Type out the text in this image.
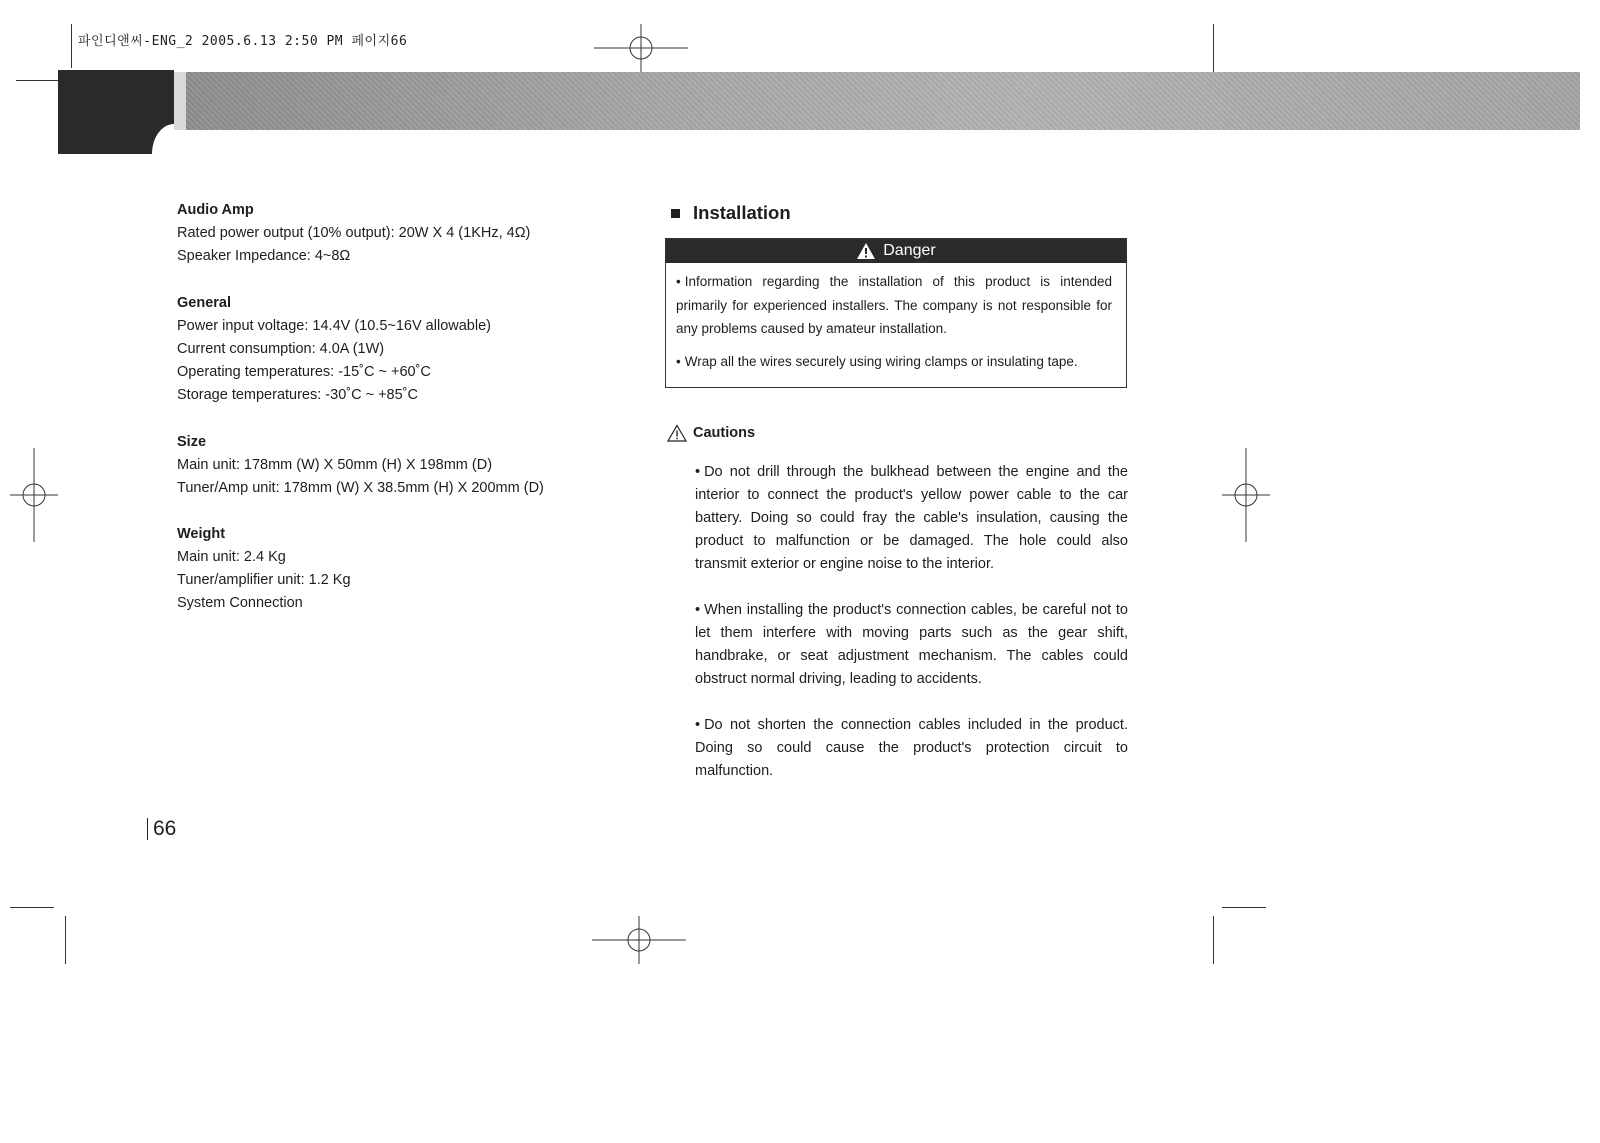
파인디앤씨-ENG_2 2005.6.13 2:50 PM 페이지66
Audio Amp
Rated power output (10% output): 20W X 4 (1KHz, 4Ω)
Speaker Impedance: 4~8Ω
General
Power input voltage: 14.4V (10.5~16V allowable)
Current consumption: 4.0A (1W)
Operating temperatures: -15˚C ~ +60˚C
Storage temperatures: -30˚C ~ +85˚C
Size
Main unit: 178mm (W) X 50mm (H) X 198mm (D)
Tuner/Amp unit: 178mm (W) X 38.5mm (H) X 200mm (D)
Weight
Main unit: 2.4 Kg
Tuner/amplifier unit: 1.2 Kg
System Connection
Installation
Danger
• Information regarding the installation of this product is intended primarily for experienced installers. The company is not responsible for any problems caused by amateur installation.
• Wrap all the wires securely using wiring clamps or insulating tape.
Cautions
• Do not drill through the bulkhead between the engine and the interior to connect the product's yellow power cable to the car battery. Doing so could fray the cable's insulation, causing the product to malfunction or be damaged. The hole could also transmit exterior or engine noise to the interior.
• When installing the product's connection cables, be careful not to let them interfere with moving parts such as the gear shift, handbrake, or seat adjustment mechanism. The cables could obstruct normal driving, leading to accidents.
• Do not shorten the connection cables included in the product. Doing so could cause the product's protection circuit to malfunction.
66
